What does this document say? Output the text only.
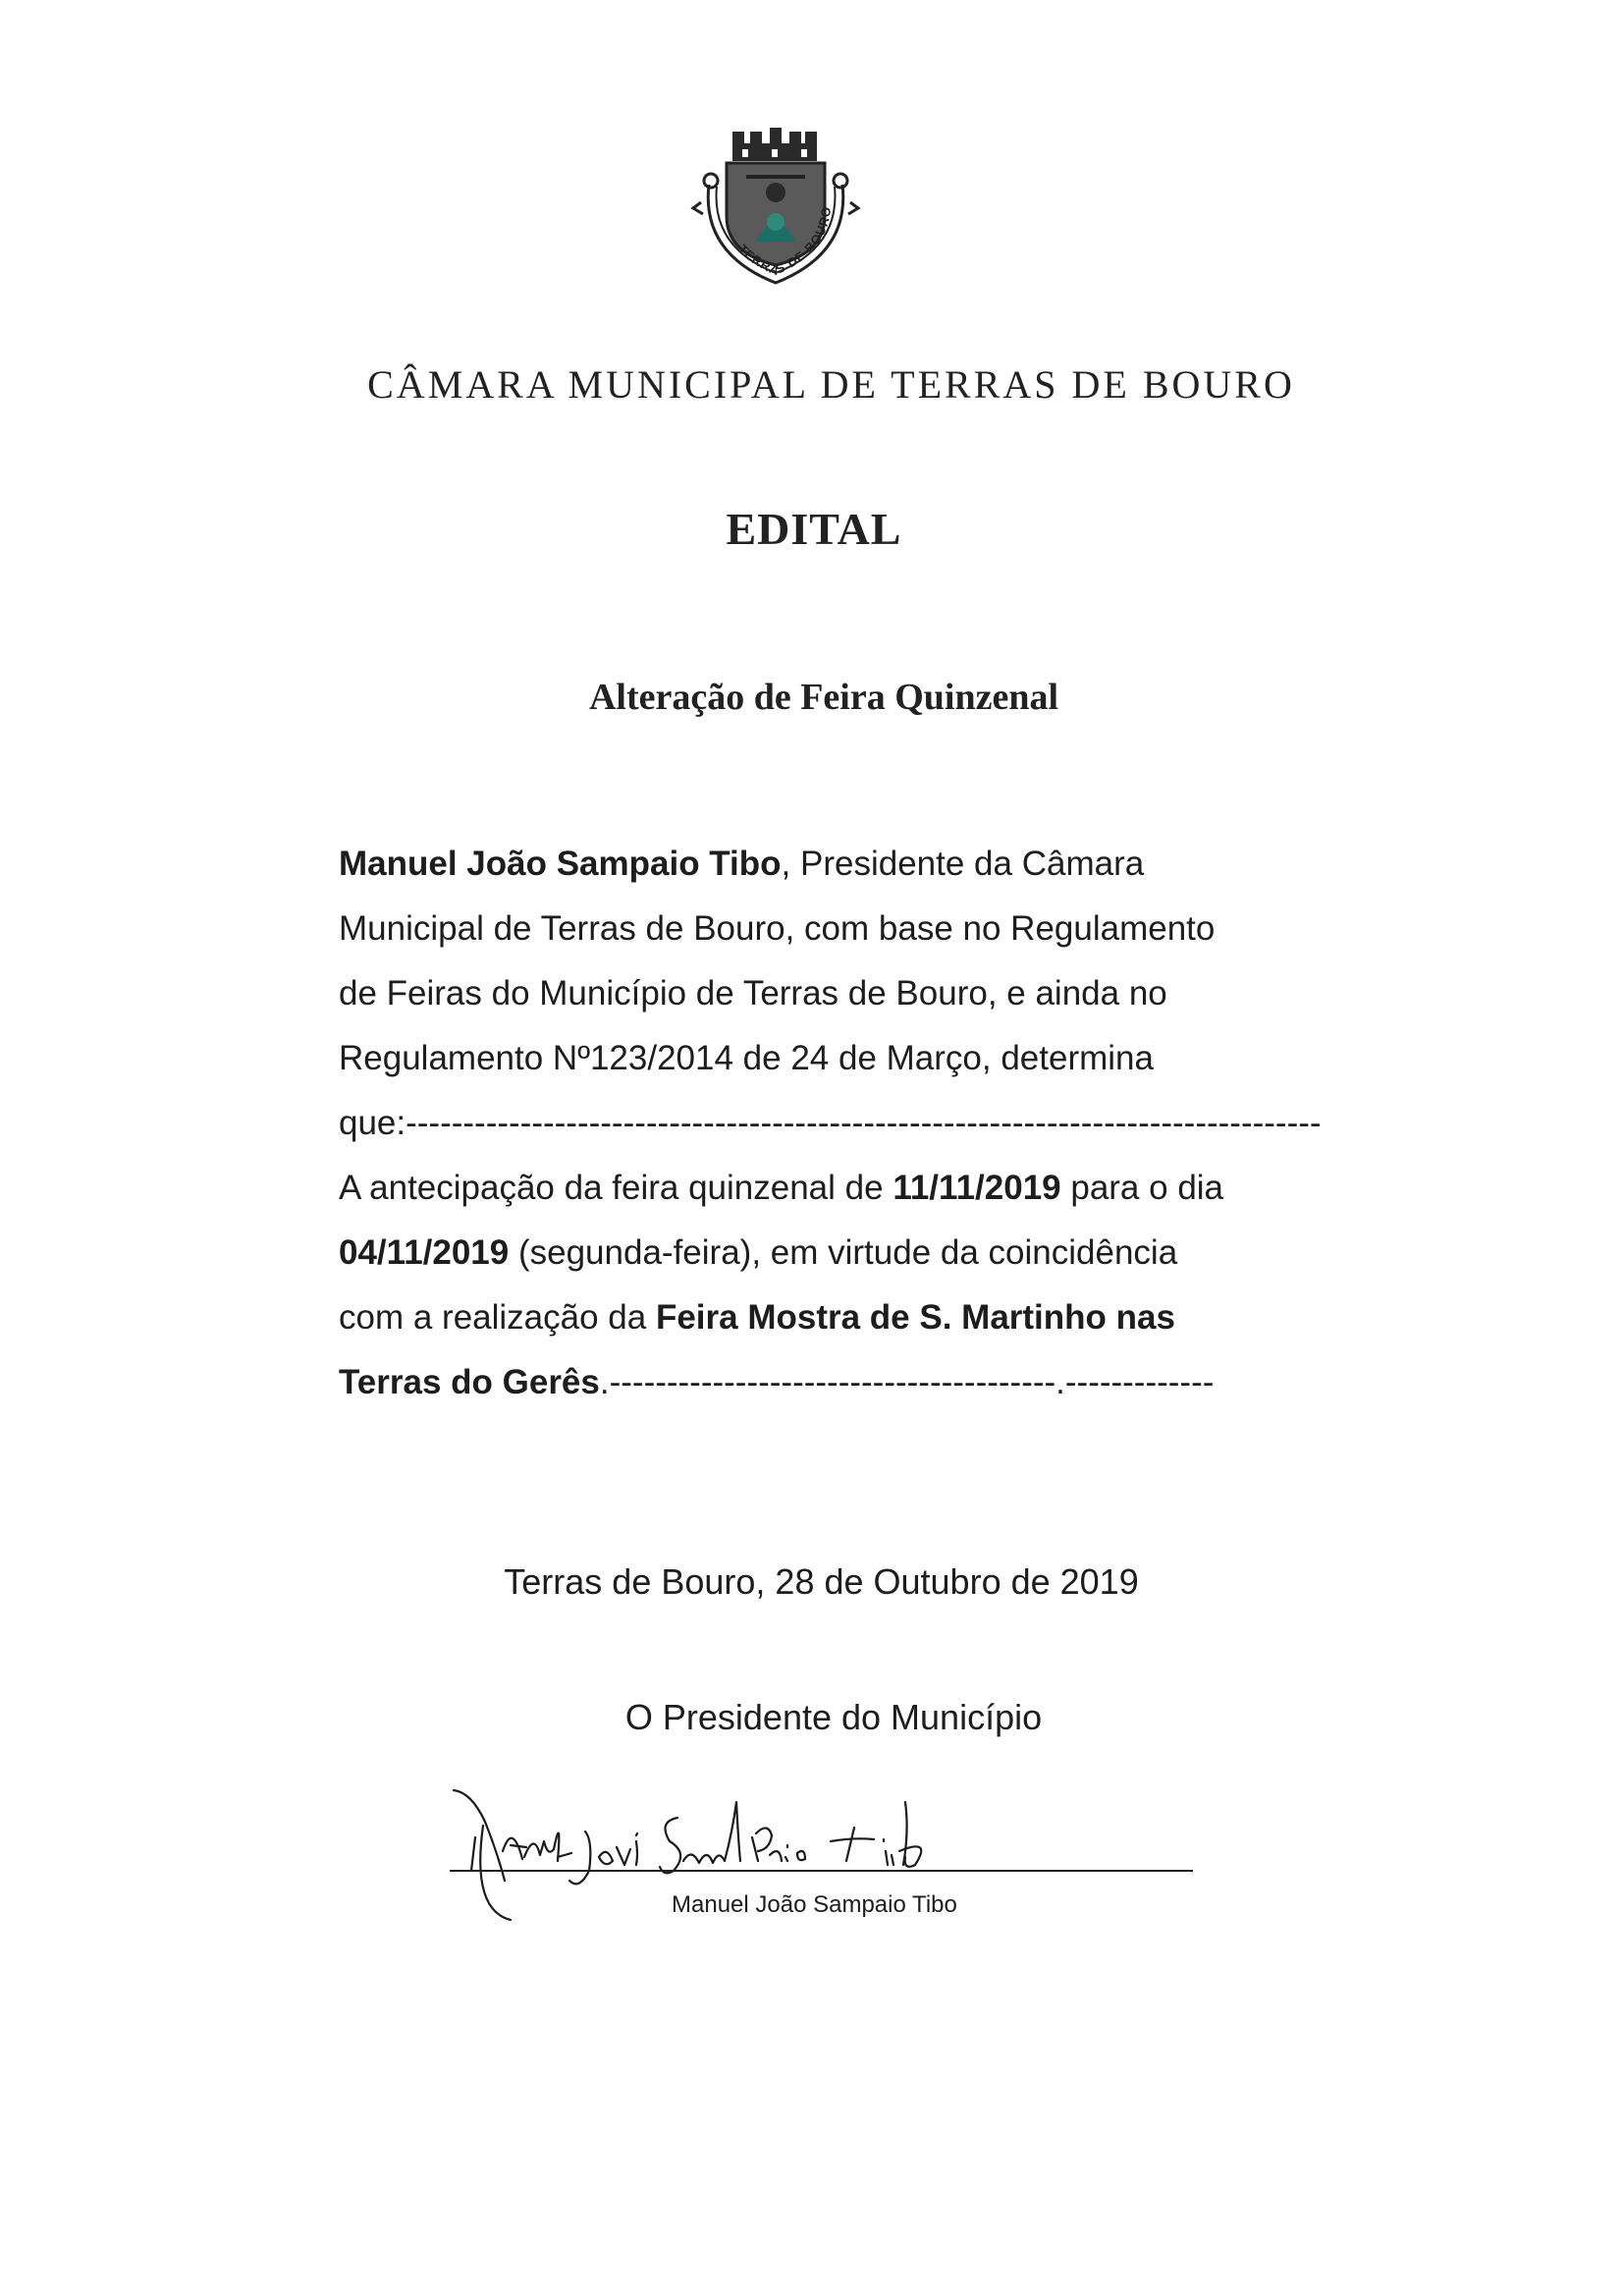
TERRAS DE BOURO
CÂMARA MUNICIPAL DE TERRAS DE BOURO
EDITAL
Alteração de Feira Quinzenal
Manuel João Sampaio Tibo, Presidente da Câmara
Municipal de Terras de Bouro, com base no Regulamento
de Feiras do Município de Terras de Bouro, e ainda no
Regulamento Nº123/2014 de 24 de Março, determina
que: --------------------------------------------------------------------------------
A antecipação da feira quinzenal de 11/11/2019 para o dia
04/11/2019 (segunda-feira), em virtude da coincidência
com a realização da Feira Mostra de S. Martinho nas
Terras do Gerês .---------------------------------------.-------------
Terras de Bouro, 28 de Outubro de 2019
O Presidente do Município
Manuel João Sampaio Tibo
